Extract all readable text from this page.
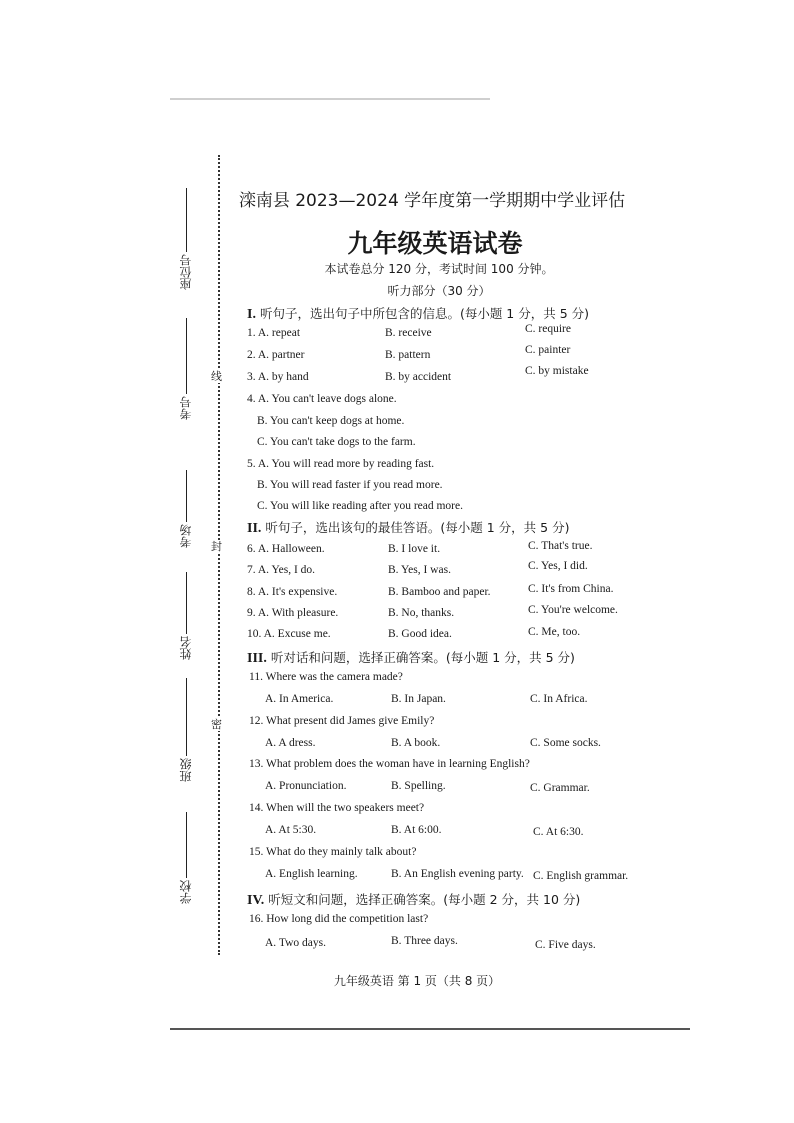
线
封
密
座位号
考号
考场
姓名
班级
学校
滦南县 2023—2024 学年度第一学期期中学业评估
九年级英语试卷
本试卷总分 120 分，考试时间 100 分钟。
听力部分（30 分）
I. 听句子，选出句子中所包含的信息。(每小题 1 分，共 5 分)
1. A. repeat	B. receive	C. require
2. A. partner	B. pattern	C. painter
3. A. by hand	B. by accident	C. by mistake
4. A. You can't leave dogs alone.
B. You can't keep dogs at home.
C. You can't take dogs to the farm.
5. A. You will read more by reading fast.
B. You will read faster if you read more.
C. You will like reading after you read more.
II. 听句子，选出该句的最佳答语。(每小题 1 分，共 5 分)
6. A. Halloween.	B. I love it.	C. That's true.
7. A. Yes, I do.	B. Yes, I was.	C. Yes, I did.
8. A. It's expensive.	B. Bamboo and paper.	C. It's from China.
9. A. With pleasure.	B. No, thanks.	C. You're welcome.
10. A. Excuse me.	B. Good idea.	C. Me, too.
III. 听对话和问题，选择正确答案。(每小题 1 分，共 5 分)
11. Where was the camera made?
A. In America.	B. In Japan.	C. In Africa.
12. What present did James give Emily?
A. A dress.	B. A book.	C. Some socks.
13. What problem does the woman have in learning English?
A. Pronunciation.	B. Spelling.	C. Grammar.
14. When will the two speakers meet?
A. At 5:30.	B. At 6:00.	C. At 6:30.
15. What do they mainly talk about?
A. English learning.	B. An English evening party. C. English grammar.
IV. 听短文和问题，选择正确答案。(每小题 2 分，共 10 分)
16. How long did the competition last?
A. Two days.	B. Three days.	C. Five days.
九年级英语 第 1 页（共 8 页）
